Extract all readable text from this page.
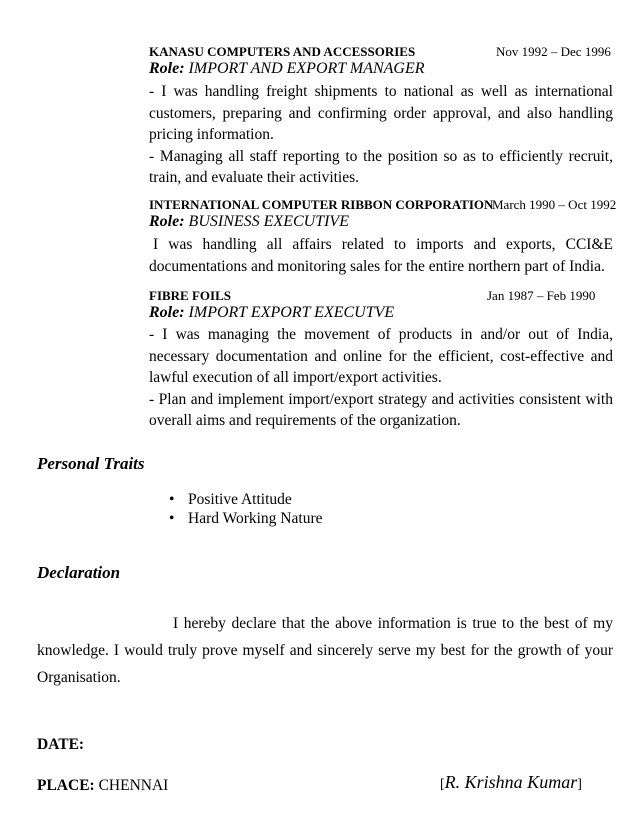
KANASU COMPUTERS AND ACCESSORIES	Nov 1992 – Dec 1996
Role: IMPORT AND EXPORT MANAGER
- I was handling freight shipments to national as well as international customers, preparing and confirming order approval, and also handling pricing information.
- Managing all staff reporting to the position so as to efficiently recruit, train, and evaluate their activities.
INTERNATIONAL COMPUTER RIBBON CORPORATION
March 1990 – Oct 1992
Role: BUSINESS EXECUTIVE
I was handling all affairs related to imports and exports, CCI&E documentations and monitoring sales for the entire northern part of India.
FIBRE FOILS	Jan 1987 – Feb 1990
Role: IMPORT EXPORT EXECUTVE
- I was managing the movement of products in and/or out of India, necessary documentation and online for the efficient, cost-effective and lawful execution of all import/export activities.
- Plan and implement import/export strategy and activities consistent with overall aims and requirements of the organization.
Personal Traits
• Positive Attitude
• Hard Working Nature
Declaration
I hereby declare that the above information is true to the best of my knowledge. I would truly prove myself and sincerely serve my best for the growth of your Organisation.
DATE:
PLACE: CHENNAI	[R. Krishna Kumar]
